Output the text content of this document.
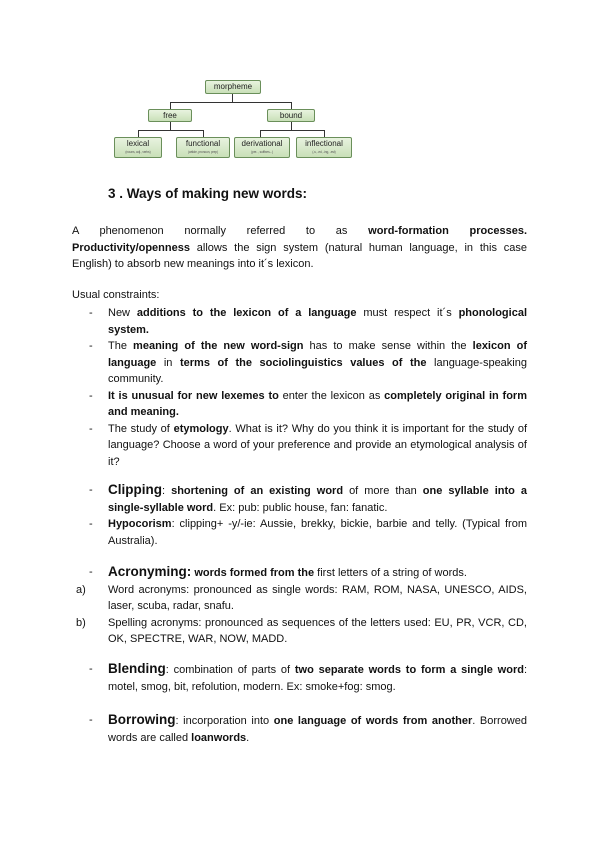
morpheme
free	bound
lexical
(nouns, adj., verbs)
functional
(article, pronoun, prep)
derivational
(pre- , suffixes...)
inflectional
(-s, -ed, -ing, -est)
3 . Ways of making new words:
A phenomenon normally referred to as word-formation processes.
Productivity/openness allows the sign system (natural human language, in this case English) to absorb new meanings into it´s lexicon.
Usual constraints:
- New additions to the lexicon of a language must respect it´s phonological system.
- The meaning of the new word-sign has to make sense within the lexicon of language in terms of the sociolinguistics values of the language-speaking community.
- It is unusual for new lexemes to enter the lexicon as completely original in form and meaning.
- The study of etymology. What is it? Why do you think it is important for the study of language? Choose a word of your preference and provide an etymological analysis of it?
- Clipping: shortening of an existing word of more than one syllable into a single-syllable word. Ex: pub: public house, fan: fanatic.
- Hypocorism: clipping+ -y/-ie: Aussie, brekky, bickie, barbie and telly. (Typical from Australia).
- Acronyming: words formed from the first letters of a string of words.
a) Word acronyms: pronounced as single words: RAM, ROM, NASA, UNESCO, AIDS, laser, scuba, radar, snafu.
b) Spelling acronyms: pronounced as sequences of the letters used: EU, PR, VCR, CD, OK, SPECTRE, WAR, NOW, MADD.
- Blending: combination of parts of two separate words to form a single word: motel, smog, bit, refolution, modern. Ex: smoke+fog: smog.
- Borrowing: incorporation into one language of words from another. Borrowed words are called loanwords.
